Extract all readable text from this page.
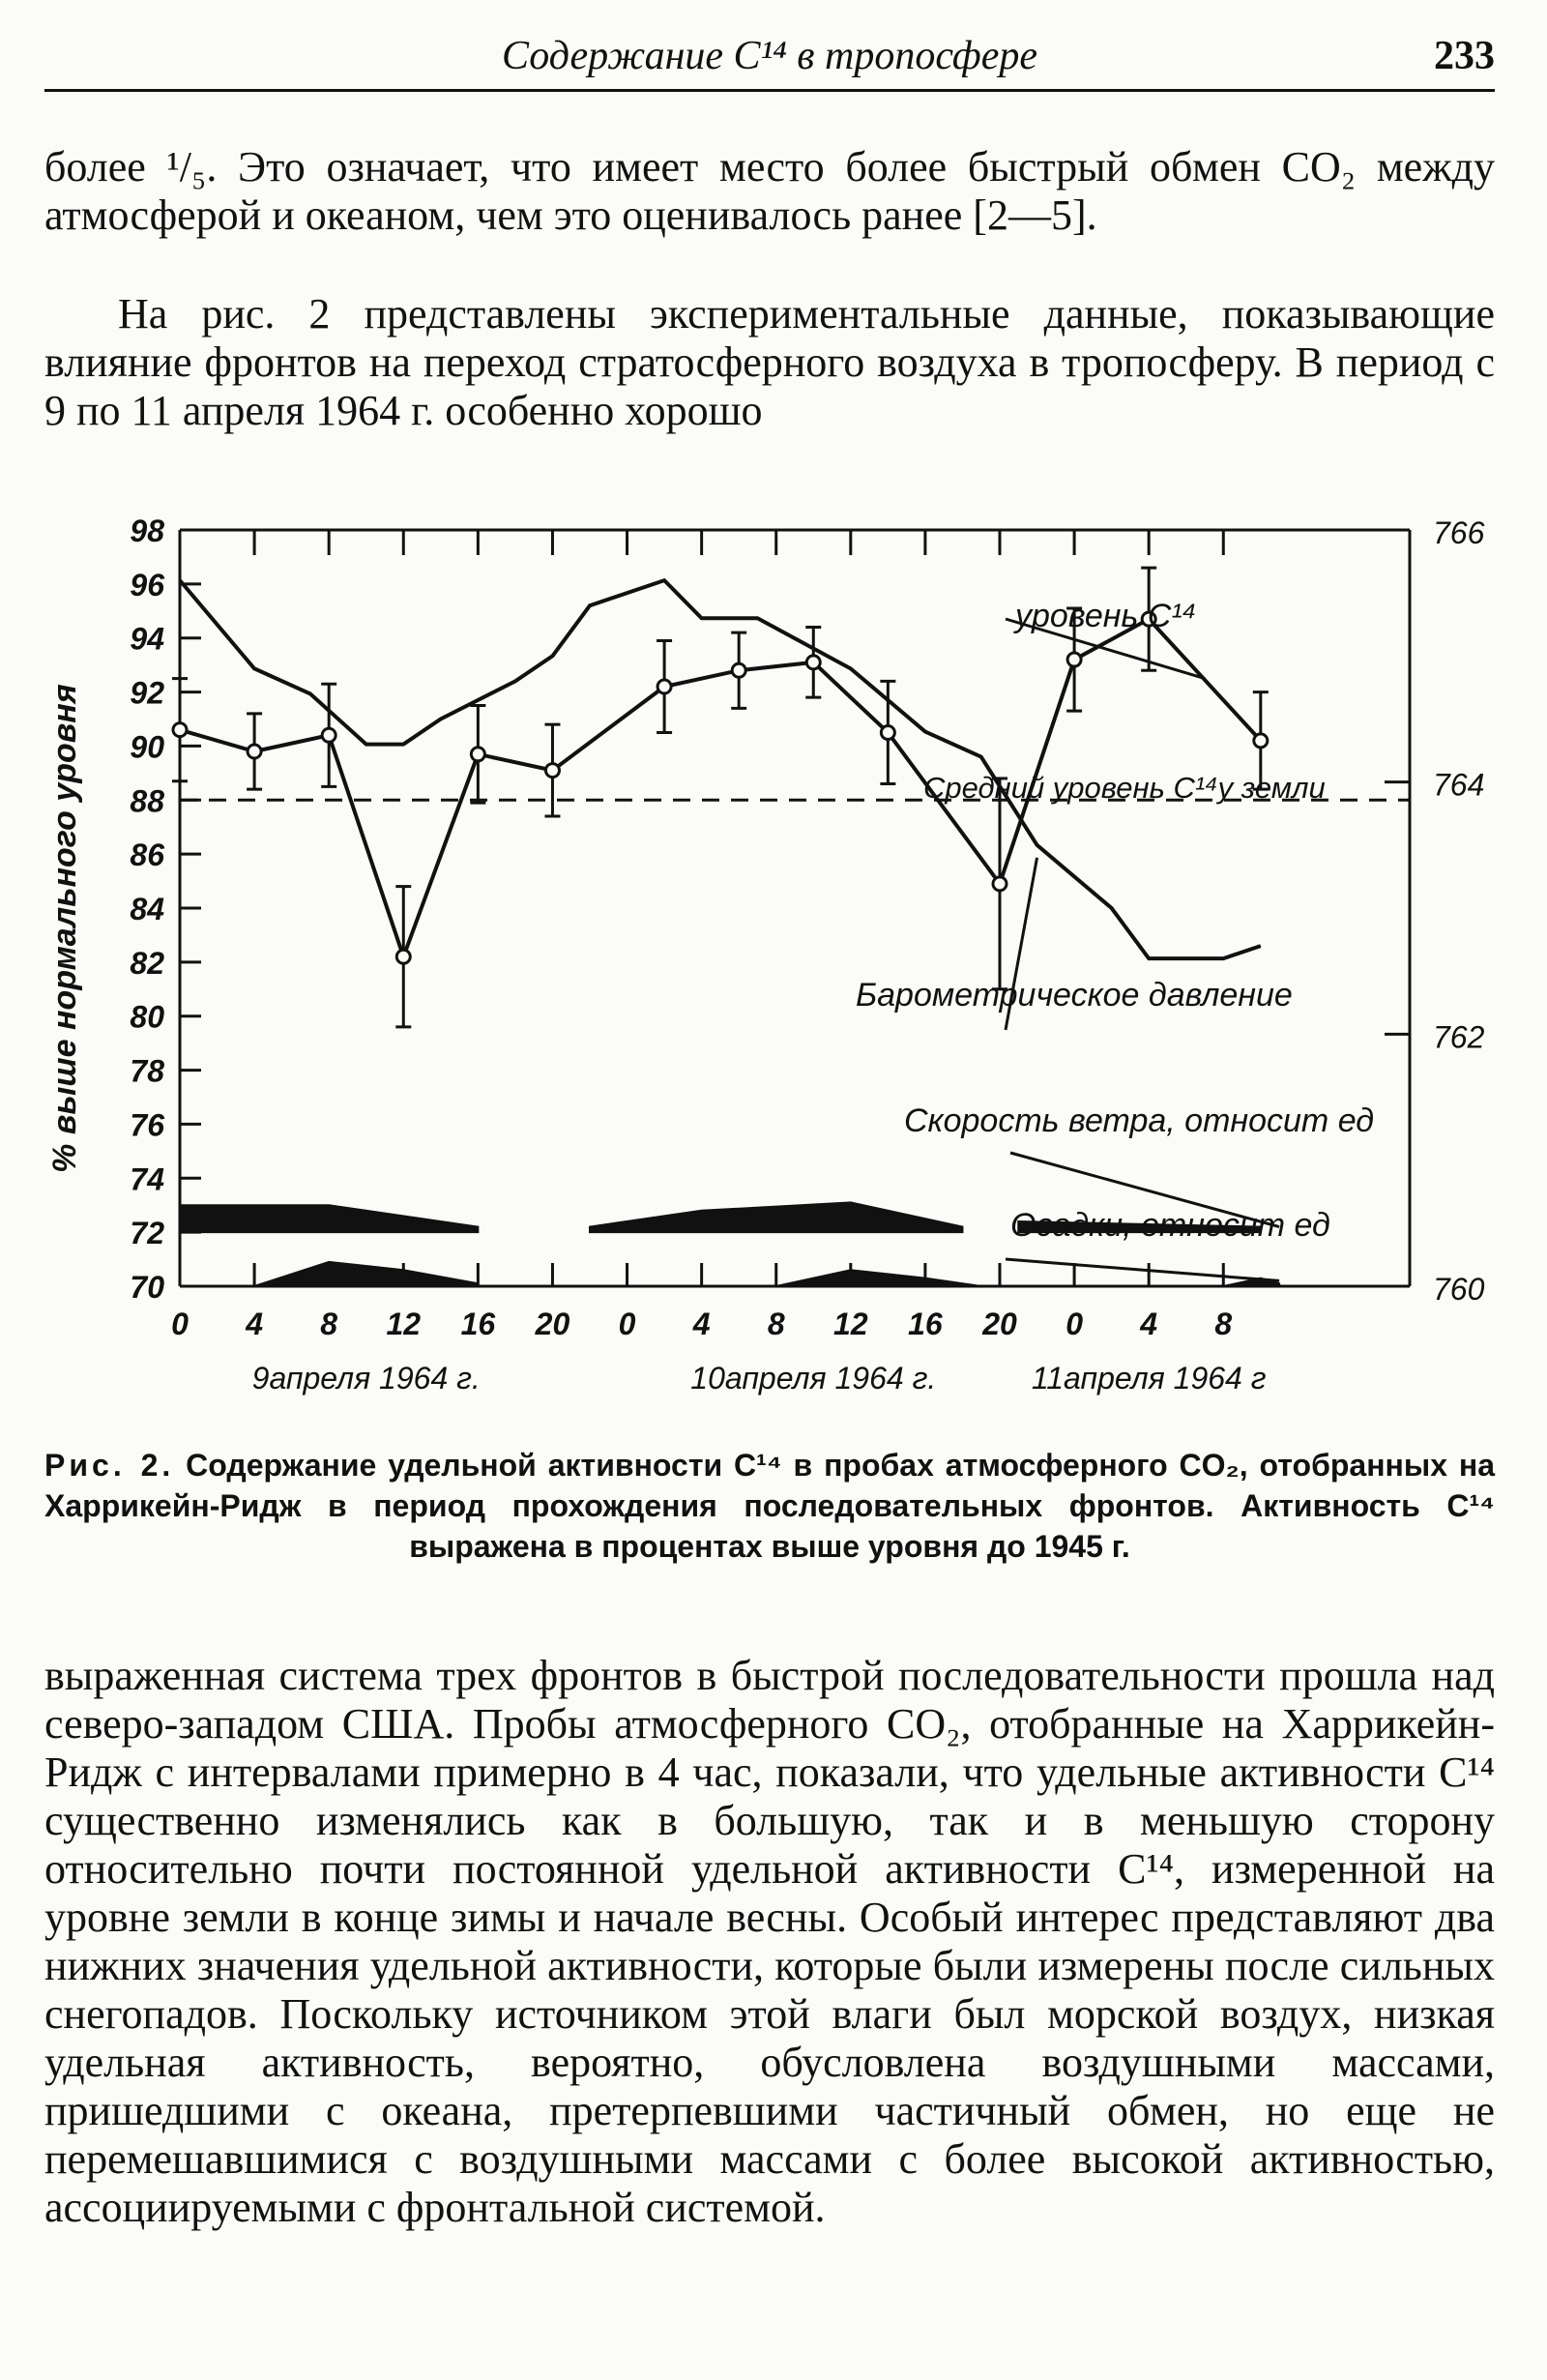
Содержание C¹⁴ в тропосфере	233

более ¹/₅. Это означает, что имеет место более быстрый обмен CO₂ между атмосферой и океаном, чем это оценивалось ранее [2—5].

На рис. 2 представлены экспериментальные данные, показывающие влияние фронтов на переход стратосферного воздуха в тропосферу. В период с 9 по 11 апреля 1964 г. особенно хорошо

98
96
94
92
90
88
86
84
82
80
78
76
74
72
70
766
764
762
760
0 4 8 12 16 20 0 4 8 12 16 20 0 4 8
9апреля 1964 г.	10апреля 1964 г.	11апреля 1964 г
% выше нормального уровня
уровень C¹⁴
Средний уровень C¹⁴у земли
Барометрическое давление
Скорость ветра, относит ед
Осадки, относит ед

Рис. 2. Содержание удельной активности C¹⁴ в пробах атмосферного CO₂, отобранных на Харрикейн-Ридж в период прохождения последовательных фронтов. Активность C¹⁴ выражена в процентах выше уровня до 1945 г.

выраженная система трех фронтов в быстрой последовательности прошла над северо-западом США. Пробы атмосферного CO₂, отобранные на Харрикейн-Ридж с интервалами примерно в 4 час, показали, что удельные активности C¹⁴ существенно изменялись как в большую, так и в меньшую сторону относительно почти постоянной удельной активности C¹⁴, измеренной на уровне земли в конце зимы и начале весны. Особый интерес представляют два нижних значения удельной активности, которые были измерены после сильных снегопадов. Поскольку источником этой влаги был морской воздух, низкая удельная активность, вероятно, обусловлена воздушными массами, пришедшими с океана, претерпевшими частичный обмен, но еще не перемешавшимися с воздушными массами с более высокой активностью, ассоциируемыми с фронтальной системой.
